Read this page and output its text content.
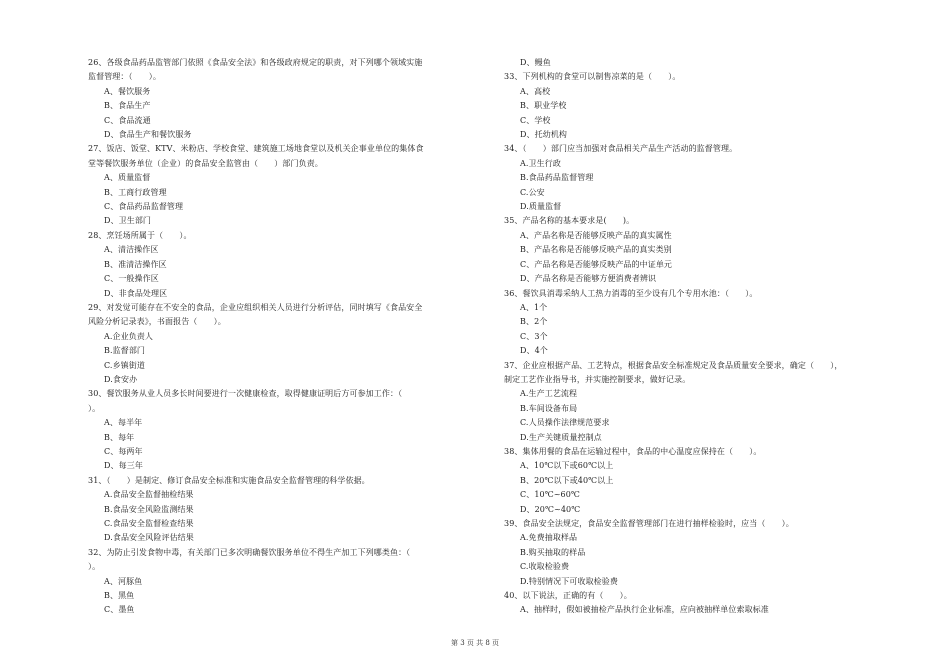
26、各级食品药品监管部门依照《食品安全法》和各级政府规定的职责，对下列哪个领域实施
监督管理：（　　）。
A、餐饮服务
B、食品生产
C、食品流通
D、食品生产和餐饮服务
27、饭店、饭堂、KTV、米粉店、学校食堂、建筑施工场地食堂以及机关企事业单位的集体食
堂等餐饮服务单位（企业）的食品安全监管由（　　）部门负责。
A、质量监督
B、工商行政管理
C、食品药品监督管理
D、卫生部门
28、烹饪场所属于（　　）。
A、清洁操作区
B、准清洁操作区
C、一般操作区
D、非食品处理区
29、对发觉可能存在不安全的食品，企业应组织相关人员进行分析评估，同时填写《食品安全
风险分析记录表》，书面报告（　　）。
A.企业负责人
B.监督部门
C.乡镇街道
D.食安办
30、餐饮服务从业人员多长时间要进行一次健康检查，取得健康证明后方可参加工作：（
）。
A、每半年
B、每年
C、每两年
D、每三年
31、（　　）是制定、修订食品安全标准和实施食品安全监督管理的科学依据。
A.食品安全监督抽检结果
B.食品安全风险监测结果
C.食品安全监督检查结果
D.食品安全风险评估结果
32、为防止引发食物中毒，有关部门已多次明确餐饮服务单位不得生产加工下列哪类鱼：（
）。
A、河豚鱼
B、黑鱼
C、墨鱼
D、鳗鱼
33、下列机构的食堂可以制售凉菜的是（　　）。
A、高校
B、职业学校
C、学校
D、托幼机构
34、（　　）部门应当加强对食品相关产品生产活动的监督管理。
A.卫生行政
B.食品药品监督管理
C.公安
D.质量监督
35、产品名称的基本要求是(　　)。
A、产品名称是否能够反映产品的真实属性
B、产品名称是否能够反映产品的真实类别
C、产品名称是否能够反映产品的中证单元
D、产品名称是否能够方便消费者辨识
36、餐饮具消毒采纳人工热力消毒的至少设有几个专用水池：（　　）。
A、1个
B、2个
C、3个
D、4个
37、企业应根据产品、工艺特点，根据食品安全标准规定及食品质量安全要求，确定（　　），
制定工艺作业指导书，并实施控制要求，做好记录。
A.生产工艺流程
B.车间设备布局
C.人员操作法律规范要求
D.生产关键质量控制点
38、集体用餐的食品在运输过程中，食品的中心温度应保持在（　　）。
A、10℃以下或60℃以上
B、20℃以下或40℃以上
C、10℃~60℃
D、20℃~40℃
39、食品安全法规定，食品安全监督管理部门在进行抽样检验时，应当（　　）。
A.免费抽取样品
B.购买抽取的样品
C.收取检验费
D.特别情况下可收取检验费
40、以下说法，正确的有（　　）。
A、抽样时，假如被抽检产品执行企业标准，应向被抽样单位索取标准
第 3 页 共 8 页
